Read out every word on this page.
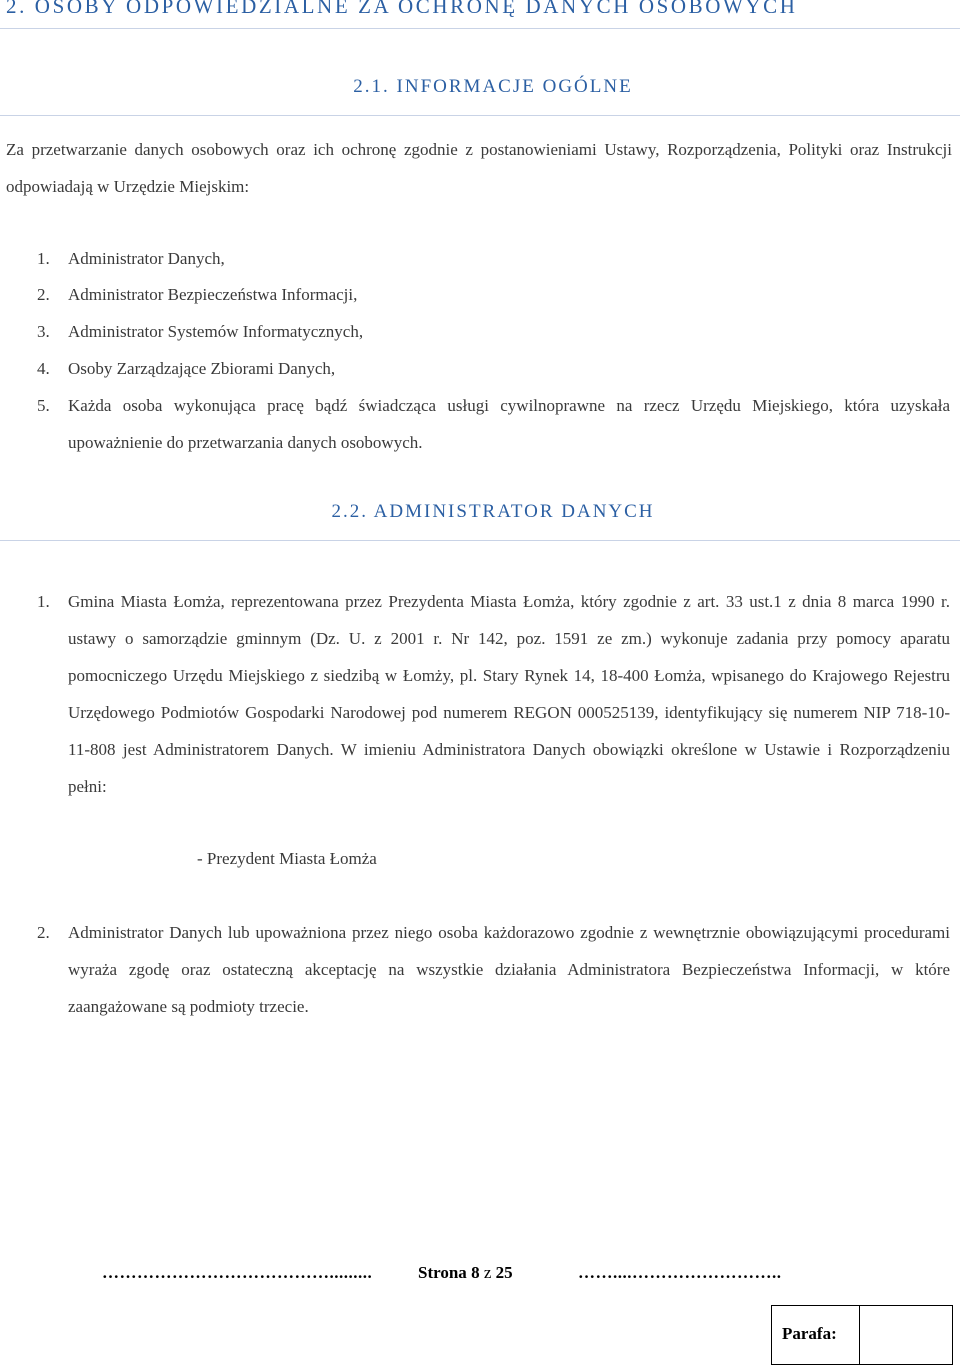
2. OSOBY ODPOWIEDZIALNE ZA OCHRONĘ DANYCH OSOBOWYCH
2.1. INFORMACJE OGÓLNE

Za przetwarzanie danych osobowych oraz ich ochronę zgodnie z postanowieniami Ustawy, Rozporządzenia, Polityki oraz Instrukcji odpowiadają w Urzędzie Miejskim:

1.	Administrator Danych,
2.	Administrator Bezpieczeństwa Informacji,
3.	Administrator Systemów Informatycznych,
4.	Osoby Zarządzające Zbiorami Danych,
5.	Każda osoba wykonująca pracę bądź świadcząca usługi cywilnoprawne na rzecz Urzędu Miejskiego, która uzyskała upoważnienie do przetwarzania danych osobowych.
2.2. ADMINISTRATOR DANYCH
1.	Gmina Miasta Łomża, reprezentowana przez Prezydenta Miasta Łomża, który zgodnie z art. 33 ust.1 z dnia 8 marca 1990 r. ustawy o samorządzie gminnym (Dz. U. z 2001 r. Nr 142, poz. 1591 ze zm.) wykonuje zadania przy pomocy aparatu pomocniczego Urzędu Miejskiego z siedzibą w Łomży, pl. Stary Rynek 14, 18-400 Łomża, wpisanego do Krajowego Rejestru Urzędowego Podmiotów Gospodarki Narodowej pod numerem REGON 000525139, identyfikujący się numerem NIP 718-10-11-808 jest Administratorem Danych. W imieniu Administratora Danych obowiązki określone w Ustawie i Rozporządzeniu pełni:
- Prezydent Miasta Łomża
2.	Administrator Danych lub upoważniona przez niego osoba każdorazowo zgodnie z wewnętrznie obowiązującymi procedurami wyraża zgodę oraz ostateczną akceptację na wszystkie działania Administratora Bezpieczeństwa Informacji, w które zaangażowane są podmioty trzecie.
………………………………….........	Strona 8 z 25	……....……………………..
Parafa:
